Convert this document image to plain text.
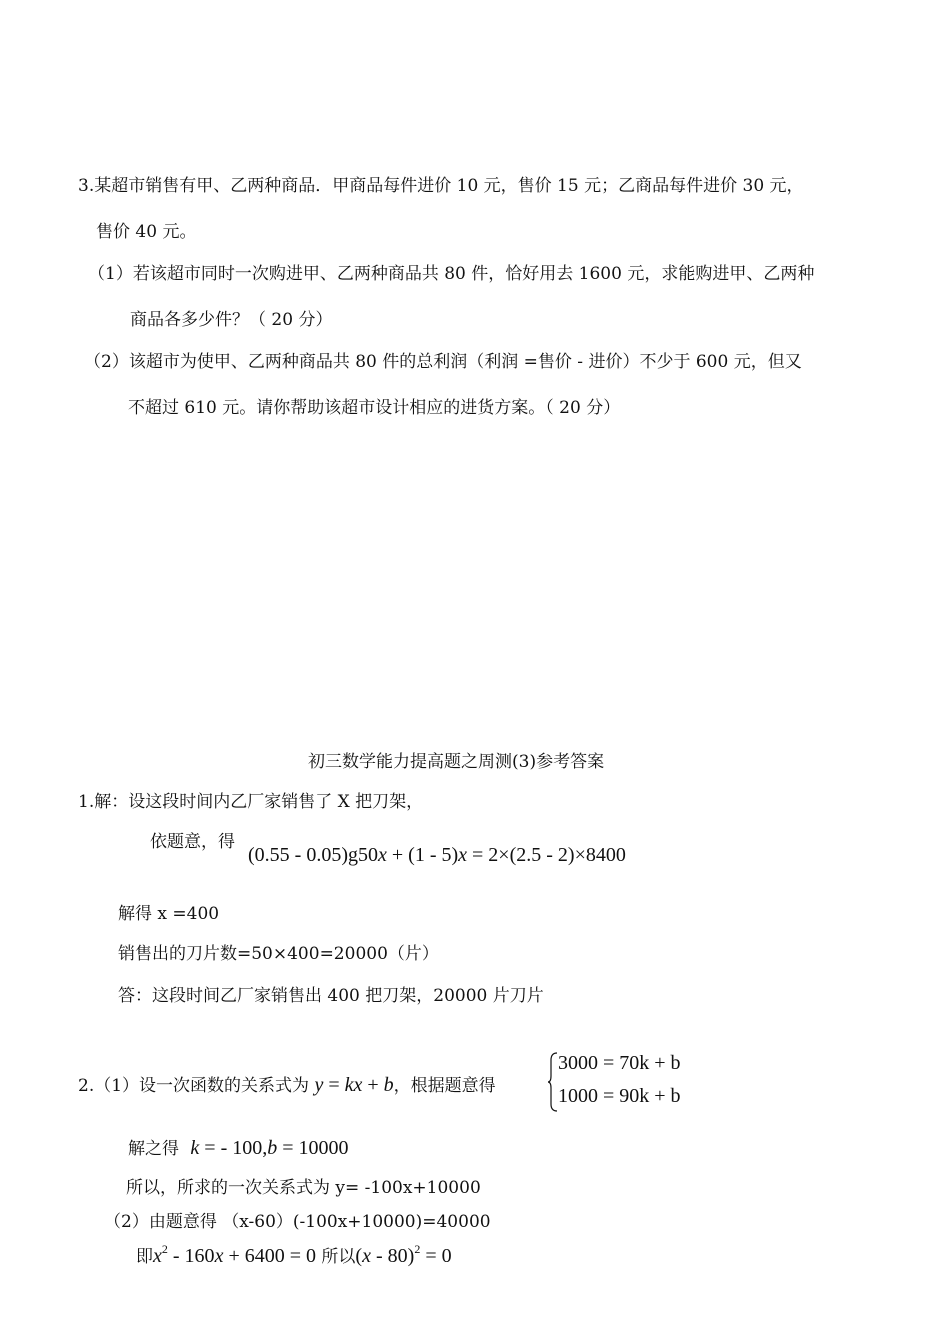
3.某超市销售有甲、乙两种商品．甲商品每件进价 10 元，售价 15 元；乙商品每件进价 30 元，
售价 40 元。
（1）若该超市同时一次购进甲、乙两种商品共 80 件，恰好用去 1600 元，求能购进甲、乙两种
商品各多少件？（ 20 分）
（2）该超市为使甲、乙两种商品共 80 件的总利润（利润 =售价 - 进价）不少于 600 元，但又
不超过 610 元。请你帮助该超市设计相应的进货方案。（ 20 分）
初三数学能力提高题之周测(3)参考答案
1.解：设这段时间内乙厂家销售了 X 把刀架，
依题意，得
(0.55 - 0.05)g50x + (1 - 5)x = 2×(2.5 - 2)×8400
解得 x =400
销售出的刀片数=50×400=20000（片）
答：这段时间乙厂家销售出 400 把刀架，20000 片刀片
2.（1）设一次函数的关系式为 y = kx + b，根据题意得
3000 = 70k + b
1000 = 90k + b
解之得 k = - 100,b = 10000
所以，所求的一次关系式为 y= -100x+10000
（2）由题意得 （x-60）(-100x+10000)=40000
即$x^2 - 160x + 6400 = 0$ 所以(x - 80)$^2$ = 0
